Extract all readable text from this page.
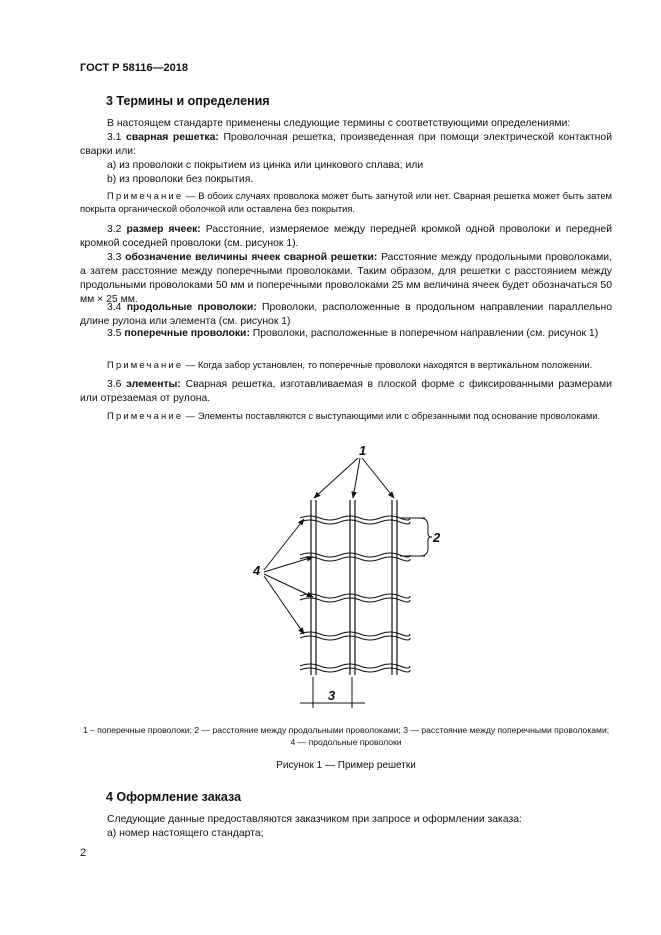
ГОСТ Р 58116—2018
3 Термины и определения
В настоящем стандарте применены следующие термины с соответствующими определениями:
3.1 сварная решетка: Проволочная решетка, произведенная при помощи электрической контактной сварки или:
а) из проволоки с покрытием из цинка или цинкового сплава; или
b) из проволоки без покрытия.
Примечание — В обоих случаях проволока может быть загнутой или нет. Сварная решетка может быть затем покрыта органической оболочкой или оставлена без покрытия.
3.2 размер ячеек: Расстояние, измеряемое между передней кромкой одной проволоки и передней кромкой соседней проволоки (см. рисунок 1).
3.3 обозначение величины ячеек сварной решетки: Расстояние между продольными проволоками, а затем расстояние между поперечными проволоками. Таким образом, для решетки с расстоянием между продольными проволоками 50 мм и поперечными проволоками 25 мм величина ячеек будет обозначаться 50 мм × 25 мм.
3.4 продольные проволоки: Проволоки, расположенные в продольном направлении параллельно длине рулона или элемента (см. рисунок 1)
3.5 поперечные проволоки: Проволоки, расположенные в поперечном направлении (см. рисунок 1)
Примечание — Когда забор установлен, то поперечные проволоки находятся в вертикальном положении.
3.6 элементы: Сварная решетка, изготавливаемая в плоской форме с фиксированными размерами или отрезаемая от рулона.
Примечание — Элементы поставляются с выступающими или с обрезанными под основание проволоками.
1
2
3
4
1 – поперечные проволоки; 2 — расстояние между продольными проволоками; 3 — расстояние между поперечными проволоками; 4 — продольные проволоки
Рисунок 1 — Пример решетки
4 Оформление заказа
Следующие данные предоставляются заказчиком при запросе и оформлении заказа:
а) номер настоящего стандарта;
2
